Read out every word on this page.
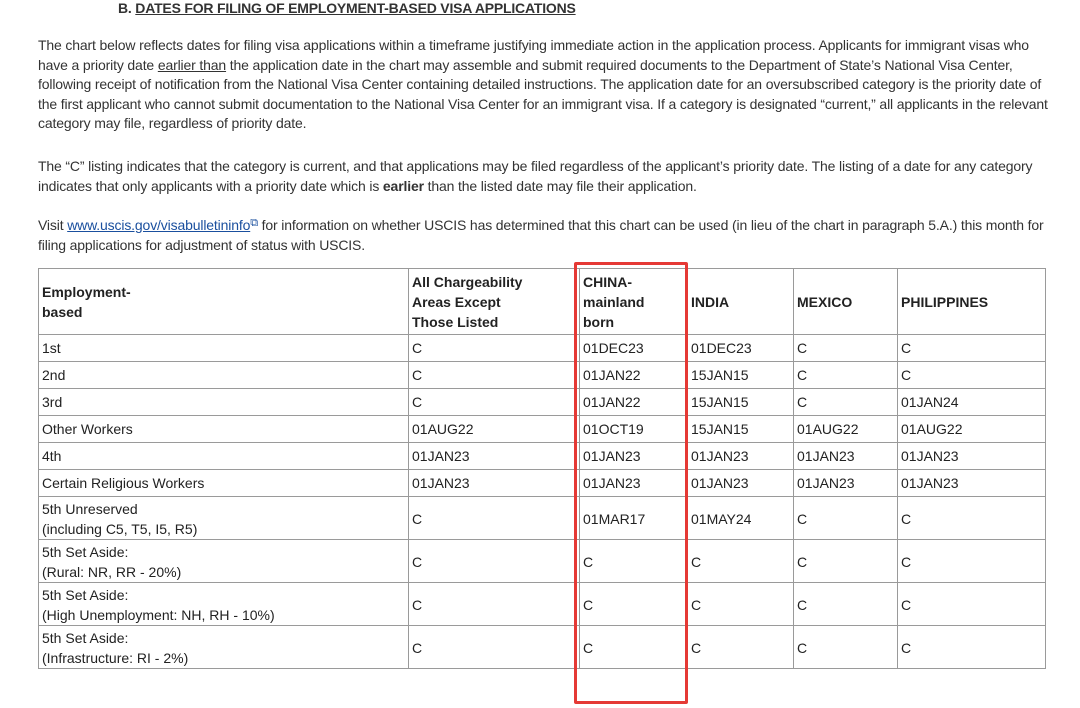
B. DATES FOR FILING OF EMPLOYMENT-BASED VISA APPLICATIONS
The chart below reflects dates for filing visa applications within a timeframe justifying immediate action in the application process. Applicants for immigrant visas who have a priority date earlier than the application date in the chart may assemble and submit required documents to the Department of State’s National Visa Center, following receipt of notification from the National Visa Center containing detailed instructions. The application date for an oversubscribed category is the priority date of the first applicant who cannot submit documentation to the National Visa Center for an immigrant visa. If a category is designated “current,” all applicants in the relevant category may file, regardless of priority date.
The “C” listing indicates that the category is current, and that applications may be filed regardless of the applicant’s priority date. The listing of a date for any category indicates that only applicants with a priority date which is earlier than the listed date may file their application.
Visit www.uscis.gov/visabulletininfo⧉ for information on whether USCIS has determined that this chart can be used (in lieu of the chart in paragraph 5.A.) this month for filing applications for adjustment of status with USCIS.
Employment-
based	All Chargeability
Areas Except
Those Listed	CHINA-
mainland
born	INDIA	MEXICO	PHILIPPINES
1st	C	01DEC23	01DEC23	C	C
2nd	C	01JAN22	15JAN15	C	C
3rd	C	01JAN22	15JAN15	C	01JAN24
Other Workers	01AUG22	01OCT19	15JAN15	01AUG22	01AUG22
4th	01JAN23	01JAN23	01JAN23	01JAN23	01JAN23
Certain Religious Workers	01JAN23	01JAN23	01JAN23	01JAN23	01JAN23
5th Unreserved
(including C5, T5, I5, R5)	C	01MAR17	01MAY24	C	C
5th Set Aside:
(Rural: NR, RR - 20%)	C	C	C	C	C
5th Set Aside:
(High Unemployment: NH, RH - 10%)	C	C	C	C	C
5th Set Aside:
(Infrastructure: RI - 2%)	C	C	C	C	C
